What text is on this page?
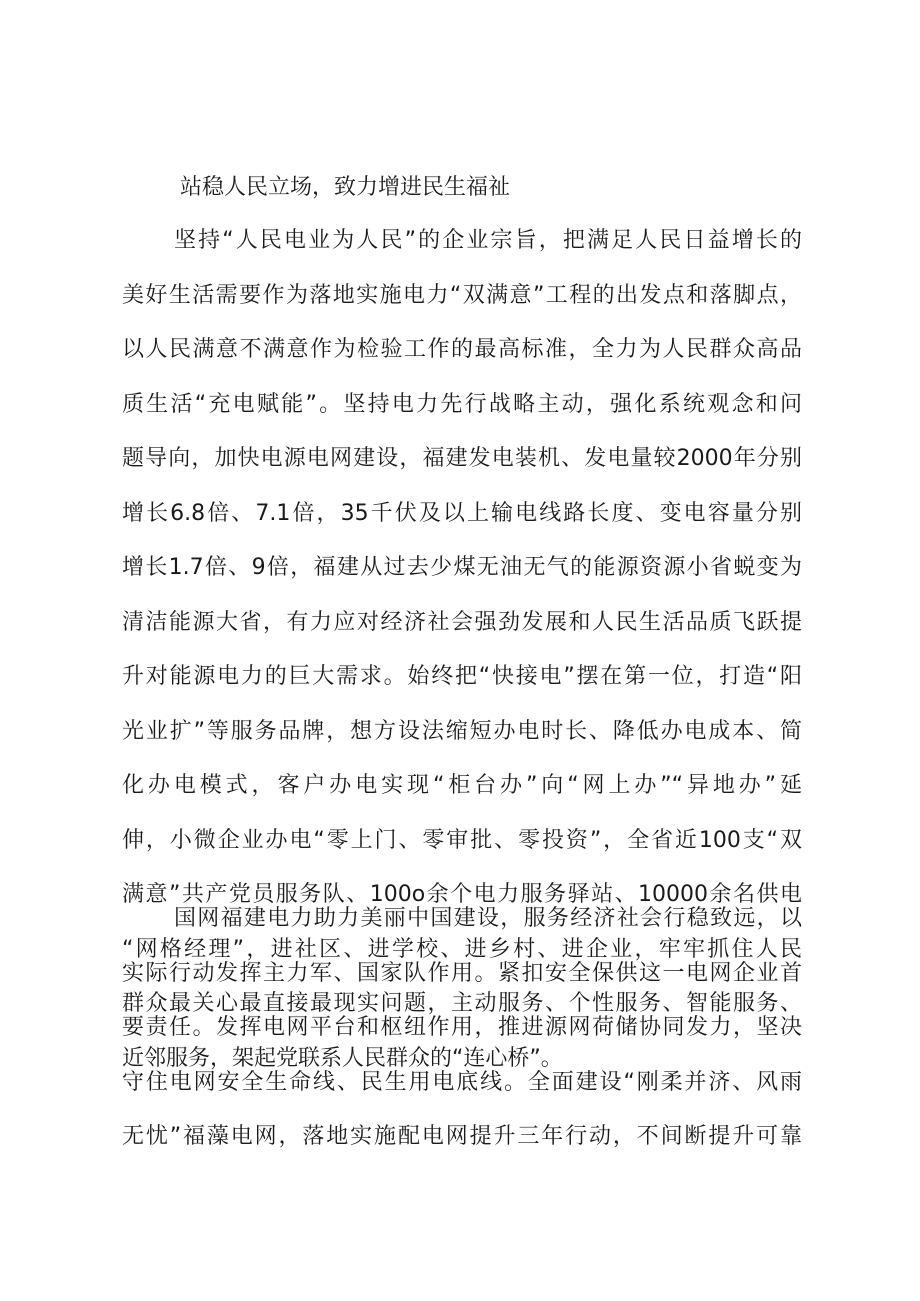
站稳人民立场，致力增进民生福祉

坚持“人民电业为人民”的企业宗旨，把满足人民日益增长的
美好生活需要作为落地实施电力“双满意”工程的出发点和落脚点，
以人民满意不满意作为检验工作的最高标准，全力为人民群众高品
质生活“充电赋能”。坚持电力先行战略主动，强化系统观念和问
题导向，加快电源电网建设，福建发电装机、发电量较2000年分别
增长6.8倍、7.1倍，35千伏及以上输电线路长度、变电容量分别
增长1.7倍、9倍，福建从过去少煤无油无气的能源资源小省蜕变为
清洁能源大省，有力应对经济社会强劲发展和人民生活品质飞跃提
升对能源电力的巨大需求。始终把“快接电”摆在第一位，打造“阳
光业扩”等服务品牌，想方设法缩短办电时长、降低办电成本、简
化办电模式，客户办电实现“柜台办”向“网上办”“异地办”延
伸，小微企业办电“零上门、零审批、零投资”，全省近100支“双
满意”共产党员服务队、100o余个电力服务驿站、10000余名供电
“网格经理”，进社区、进学校、进乡村、进企业，牢牢抓住人民
群众最关心最直接最现实问题，主动服务、个性服务、智能服务、
近邻服务，架起党联系人民群众的“连心桥”。
国网福建电力助力美丽中国建设，服务经济社会行稳致远，以
实际行动发挥主力军、国家队作用。紧扣安全保供这一电网企业首
要责任。发挥电网平台和枢纽作用，推进源网荷储协同发力，坚决
守住电网安全生命线、民生用电底线。全面建设“刚柔并济、风雨
无忧”福藻电网，落地实施配电网提升三年行动，不间断提升可靠
